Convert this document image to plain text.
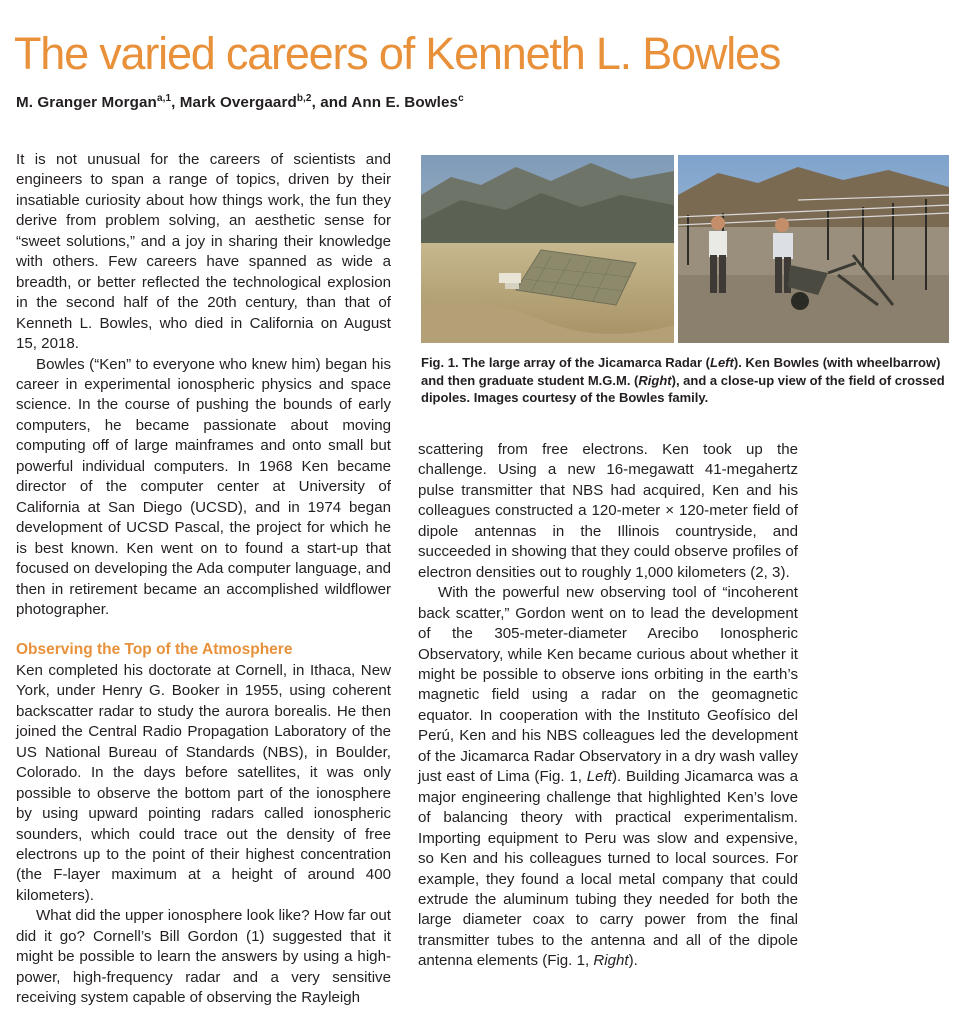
The varied careers of Kenneth L. Bowles
M. Granger Morgan$^{a,1}$, Mark Overgaard$^{b,2}$, and Ann E. Bowles$^c$

It is not unusual for the careers of scientists and engineers to span a range of topics, driven by their insatiable curiosity about how things work, the fun they derive from problem solving, an aesthetic sense for “sweet solutions,” and a joy in sharing their knowledge with others. Few careers have spanned as wide a breadth, or better reflected the technological explosion in the second half of the 20th century, than that of Kenneth L. Bowles, who died in California on August 15, 2018.

Bowles (“Ken” to everyone who knew him) began his career in experimental ionospheric physics and space science. In the course of pushing the bounds of early computers, he became passionate about moving computing off of large mainframes and onto small but powerful individual computers. In 1968 Ken became director of the computer center at University of California at San Diego (UCSD), and in 1974 began development of UCSD Pascal, the project for which he is best known. Ken went on to found a start-up that focused on developing the Ada computer language, and then in retirement became an accomplished wildflower photographer.

Observing the Top of the Atmosphere

Ken completed his doctorate at Cornell, in Ithaca, New York, under Henry G. Booker in 1955, using coherent backscatter radar to study the aurora borealis. He then joined the Central Radio Propagation Laboratory of the US National Bureau of Standards (NBS), in Boulder, Colorado. In the days before satellites, it was only possible to observe the bottom part of the ionosphere by using upward pointing radars called ionospheric sounders, which could trace out the density of free electrons up to the point of their highest concentration (the F-layer maximum at a height of around 400 kilometers).

What did the upper ionosphere look like? How far out did it go? Cornell’s Bill Gordon (1) suggested that it might be possible to learn the answers by using a high-power, high-frequency radar and a very sensitive receiving system capable of observing the Rayleigh

Fig. 1. The large array of the Jicamarca Radar (Left). Ken Bowles (with wheelbarrow) and then graduate student M.G.M. (Right), and a close-up view of the field of crossed dipoles. Images courtesy of the Bowles family.

scattering from free electrons. Ken took up the challenge. Using a new 16-megawatt 41-megahertz pulse transmitter that NBS had acquired, Ken and his colleagues constructed a 120-meter × 120-meter field of dipole antennas in the Illinois countryside, and succeeded in showing that they could observe profiles of electron densities out to roughly 1,000 kilometers (2, 3).

With the powerful new observing tool of “incoherent back scatter,” Gordon went on to lead the development of the 305-meter-diameter Arecibo Ionospheric Observatory, while Ken became curious about whether it might be possible to observe ions orbiting in the earth’s magnetic field using a radar on the geomagnetic equator. In cooperation with the Instituto Geofísico del Perú, Ken and his NBS colleagues led the development of the Jicamarca Radar Observatory in a dry wash valley just east of Lima (Fig. 1, Left). Building Jicamarca was a major engineering challenge that highlighted Ken’s love of balancing theory with practical experimentalism. Importing equipment to Peru was slow and expensive, so Ken and his colleagues turned to local sources. For example, they found a local metal company that could extrude the aluminum tubing they needed for both the large diameter coax to carry power from the final transmitter tubes to the antenna and all of the dipole antenna elements (Fig. 1, Right).
